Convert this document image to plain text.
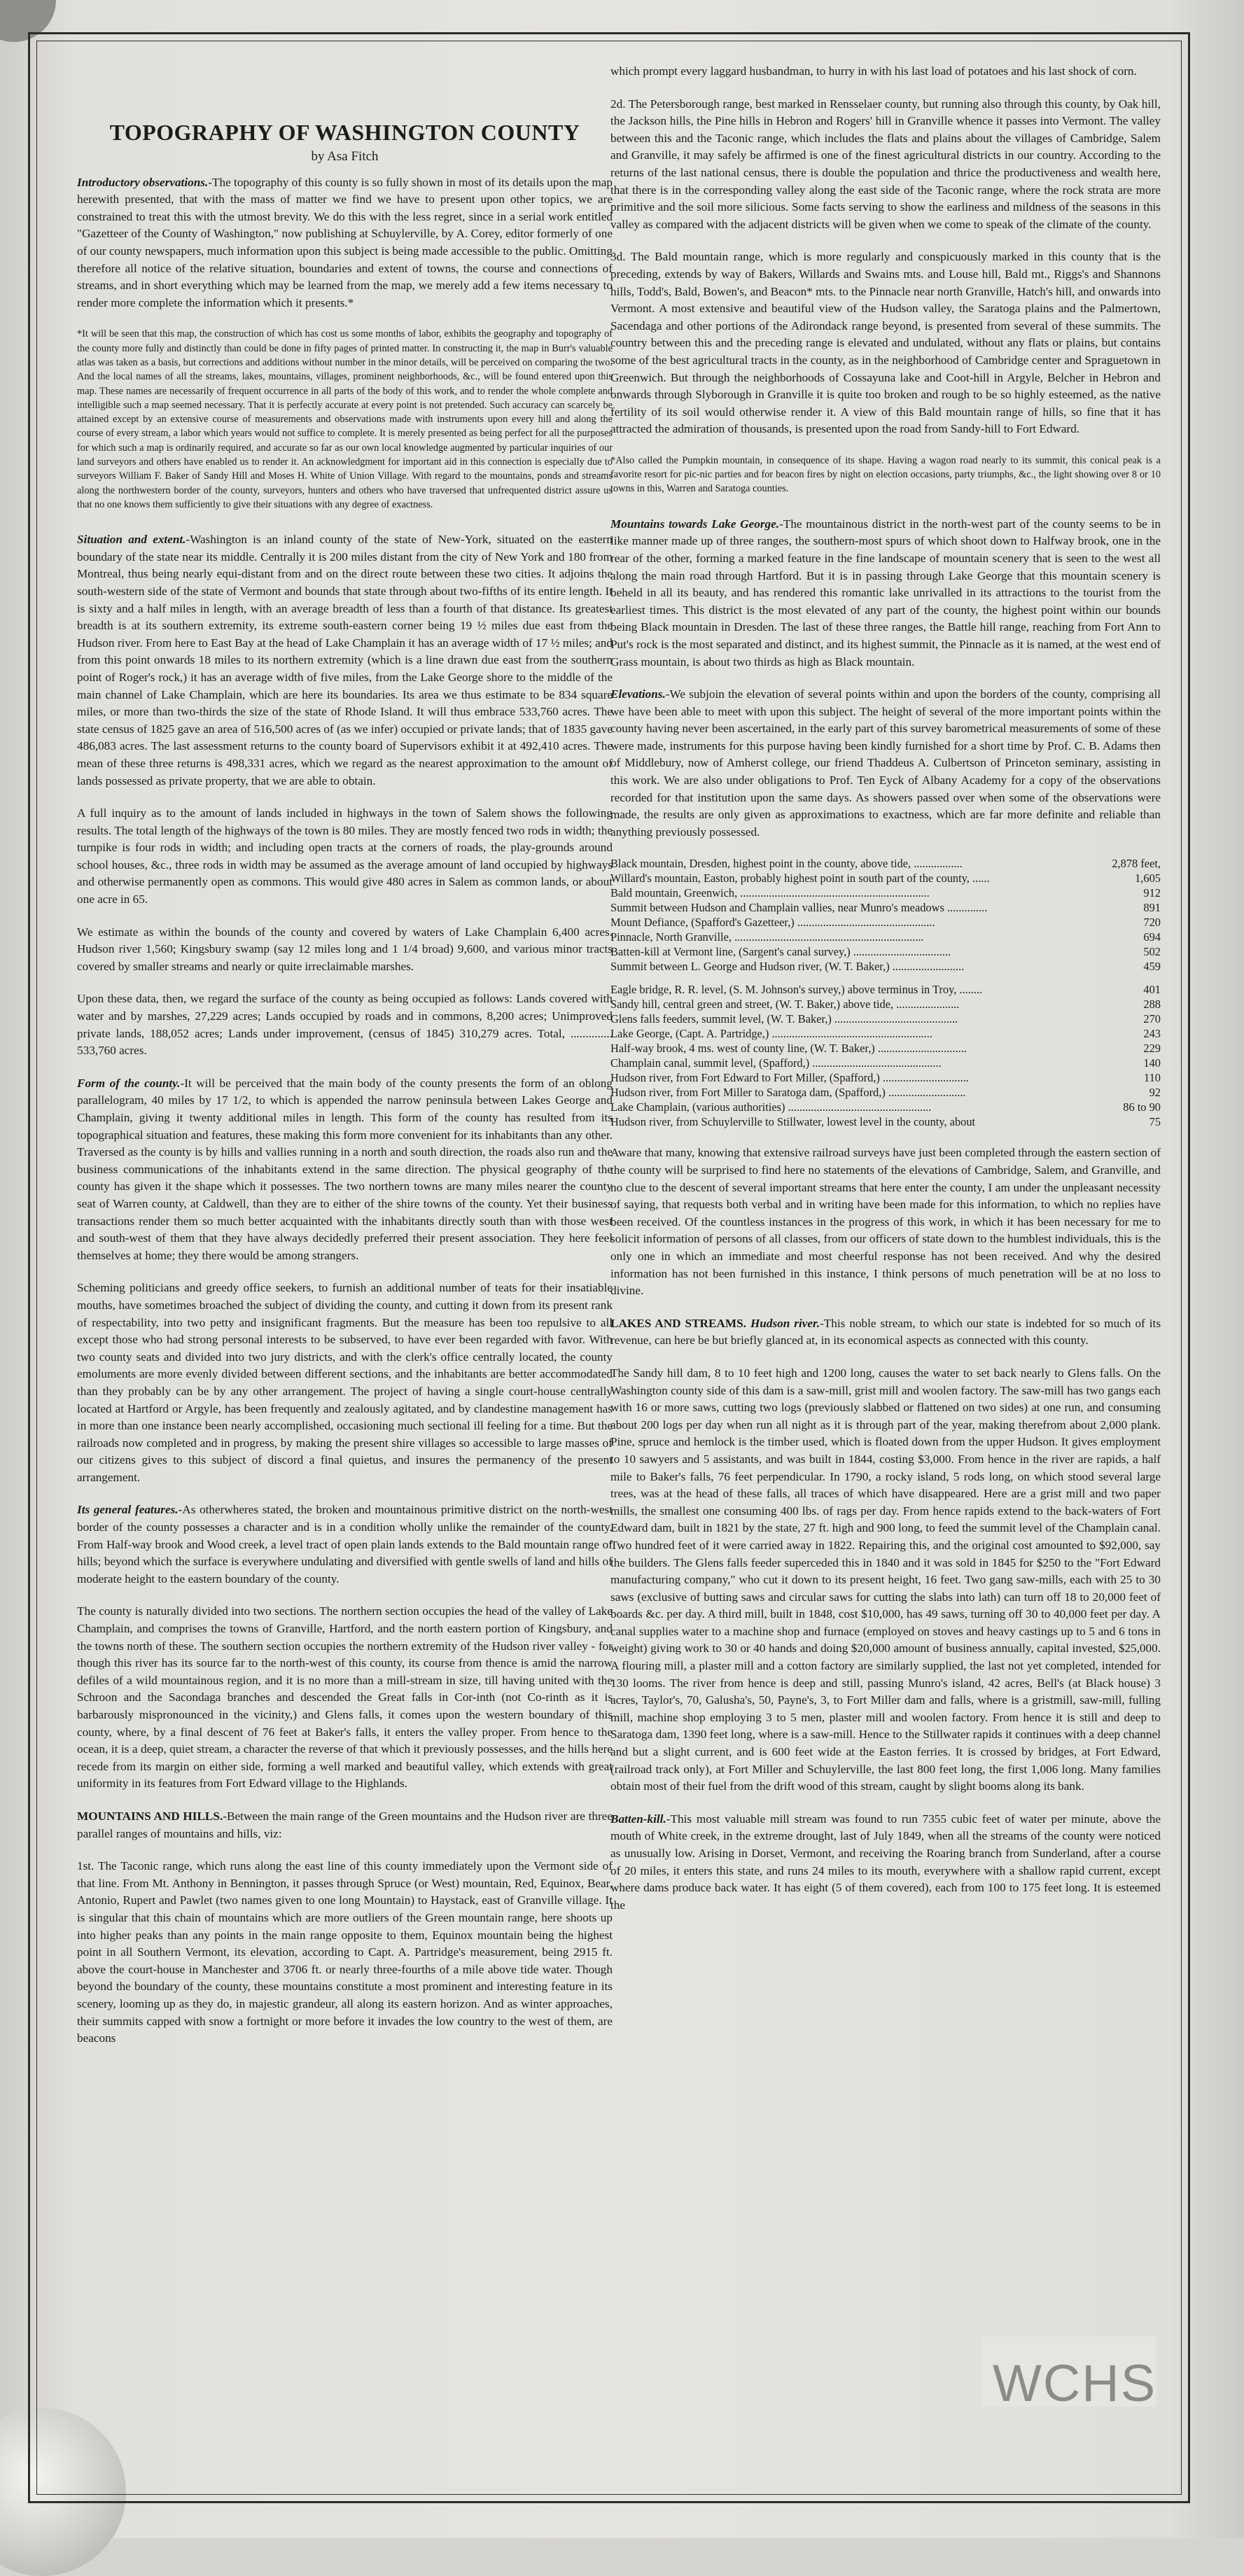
TOPOGRAPHY OF WASHINGTON COUNTY
by Asa Fitch

Introductory observations.-The topography of this county is so fully shown in most of its details upon the map herewith presented, that with the mass of matter we find we have to present upon other topics, we are constrained to treat this with the utmost brevity. We do this with the less regret, since in a serial work entitled "Gazetteer of the County of Washington," now publishing at Schuylerville, by A. Corey, editor formerly of one of our county newspapers, much information upon this subject is being made accessible to the public. Omitting therefore all notice of the relative situation, boundaries and extent of towns, the course and connections of streams, and in short everything which may be learned from the map, we merely add a few items necessary to render more complete the information which it presents.*

*It will be seen that this map, the construction of which has cost us some months of labor, exhibits the geography and topography of the county more fully and distinctly than could be done in fifty pages of printed matter. In constructing it, the map in Burr's valuable atlas was taken as a basis, but corrections and additions without number in the minor details, will be perceived on comparing the two. And the local names of all the streams, lakes, mountains, villages, prominent neighborhoods, &c., will be found entered upon this map. These names are necessarily of frequent occurrence in all parts of the body of this work, and to render the whole complete and intelligible such a map seemed necessary. That it is perfectly accurate at every point is not pretended. Such accuracy can scarcely be attained except by an extensive course of measurements and observations made with instruments upon every hill and along the course of every stream, a labor which years would not suffice to complete. It is merely presented as being perfect for all the purposes for which such a map is ordinarily required, and accurate so far as our own local knowledge augmented by particular inquiries of our land surveyors and others have enabled us to render it. An acknowledgment for important aid in this connection is especially due to surveyors William F. Baker of Sandy Hill and Moses H. White of Union Village. With regard to the mountains, ponds and streams along the northwestern border of the county, surveyors, hunters and others who have traversed that unfrequented district assure us that no one knows them sufficiently to give their situations with any degree of exactness.

Situation and extent.-Washington is an inland county of the state of New-York, situated on the eastern boundary of the state near its middle. Centrally it is 200 miles distant from the city of New York and 180 from Montreal, thus being nearly equi-distant from and on the direct route between these two cities. It adjoins the south-western side of the state of Vermont and bounds that state through about two-fifths of its entire length. It is sixty and a half miles in length, with an average breadth of less than a fourth of that distance. Its greatest breadth is at its southern extremity, its extreme south-eastern corner being 19 ½ miles due east from the Hudson river. From here to East Bay at the head of Lake Champlain it has an average width of 17 ½ miles; and from this point onwards 18 miles to its northern extremity (which is a line drawn due east from the southern point of Roger's rock,) it has an average width of five miles, from the Lake George shore to the middle of the main channel of Lake Champlain, which are here its boundaries. Its area we thus estimate to be 834 square miles, or more than two-thirds the size of the state of Rhode Island. It will thus embrace 533,760 acres. The state census of 1825 gave an area of 516,500 acres of (as we infer) occupied or private lands; that of 1835 gave 486,083 acres. The last assessment returns to the county board of Supervisors exhibit it at 492,410 acres. The mean of these three returns is 498,331 acres, which we regard as the nearest approximation to the amount of lands possessed as private property, that we are able to obtain.

A full inquiry as to the amount of lands included in highways in the town of Salem shows the following results. The total length of the highways of the town is 80 miles. They are mostly fenced two rods in width; the turnpike is four rods in width; and including open tracts at the corners of roads, the play-grounds around school houses, &c., three rods in width may be assumed as the average amount of land occupied by highways and otherwise permanently open as commons. This would give 480 acres in Salem as common lands, or about one acre in 65.

We estimate as within the bounds of the county and covered by waters of Lake Champlain 6,400 acres. Hudson river 1,560; Kingsbury swamp (say 12 miles long and 1 1/4 broad) 9,600, and various minor tracts covered by smaller streams and nearly or quite irreclaimable marshes.

Upon these data, then, we regard the surface of the county as being occupied as follows: Lands covered with water and by marshes, 27,229 acres; Lands occupied by roads and in commons, 8,200 acres; Unimproved private lands, 188,052 acres; Lands under improvement, (census of 1845) 310,279 acres. Total, .............. 533,760 acres.

Form of the county.-It will be perceived that the main body of the county presents the form of an oblong parallelogram, 40 miles by 17 1/2, to which is appended the narrow peninsula between Lakes George and Champlain, giving it twenty additional miles in length. This form of the county has resulted from its topographical situation and features, these making this form more convenient for its inhabitants than any other. Traversed as the county is by hills and vallies running in a north and south direction, the roads also run and the business communications of the inhabitants extend in the same direction. The physical geography of the county has given it the shape which it possesses. The two northern towns are many miles nearer the county seat of Warren county, at Caldwell, than they are to either of the shire towns of the county. Yet their business transactions render them so much better acquainted with the inhabitants directly south than with those west and south-west of them that they have always decidedly preferred their present association. They here feel themselves at home; they there would be among strangers.

Scheming politicians and greedy office seekers, to furnish an additional number of teats for their insatiable mouths, have sometimes broached the subject of dividing the county, and cutting it down from its present rank of respectability, into two petty and insignificant fragments. But the measure has been too repulsive to all except those who had strong personal interests to be subserved, to have ever been regarded with favor. With two county seats and divided into two jury districts, and with the clerk's office centrally located, the county emoluments are more evenly divided between different sections, and the inhabitants are better accommodated than they probably can be by any other arrangement. The project of having a single court-house centrally located at Hartford or Argyle, has been frequently and zealously agitated, and by clandestine management has in more than one instance been nearly accomplished, occasioning much sectional ill feeling for a time. But the railroads now completed and in progress, by making the present shire villages so accessible to large masses of our citizens gives to this subject of discord a final quietus, and insures the permanency of the present arrangement.

Its general features.-As otherwheres stated, the broken and mountainous primitive district on the north-west border of the county possesses a character and is in a condition wholly unlike the remainder of the county. From Half-way brook and Wood creek, a level tract of open plain lands extends to the Bald mountain range of hills; beyond which the surface is everywhere undulating and diversified with gentle swells of land and hills of moderate height to the eastern boundary of the county.

The county is naturally divided into two sections. The northern section occupies the head of the valley of Lake Champlain, and comprises the towns of Granville, Hartford, and the north eastern portion of Kingsbury, and the towns north of these. The southern section occupies the northern extremity of the Hudson river valley - for though this river has its source far to the north-west of this county, its course from thence is amid the narrow defiles of a wild mountainous region, and it is no more than a mill-stream in size, till having united with the Schroon and the Sacondaga branches and descended the Great falls in Cor-inth (not Co-rinth as it is barbarously mispronounced in the vicinity,) and Glens falls, it comes upon the western boundary of this county, where, by a final descent of 76 feet at Baker's falls, it enters the valley proper. From hence to the ocean, it is a deep, quiet stream, a character the reverse of that which it previously possesses, and the hills here recede from its margin on either side, forming a well marked and beautiful valley, which extends with great uniformity in its features from Fort Edward village to the Highlands.

MOUNTAINS AND HILLS.-Between the main range of the Green mountains and the Hudson river are three parallel ranges of mountains and hills, viz:

1st. The Taconic range, which runs along the east line of this county immediately upon the Vermont side of that line. From Mt. Anthony in Bennington, it passes through Spruce (or West) mountain, Red, Equinox, Bear, Antonio, Rupert and Pawlet (two names given to one long Mountain) to Haystack, east of Granville village. It is singular that this chain of mountains which are more outliers of the Green mountain range, here shoots up into higher peaks than any points in the main range opposite to them, Equinox mountain being the highest point in all Southern Vermont, its elevation, according to Capt. A. Partridge's measurement, being 2915 ft. above the court-house in Manchester and 3706 ft. or nearly three-fourths of a mile above tide water. Though beyond the boundary of the county, these mountains constitute a most prominent and interesting feature in its scenery, looming up as they do, in majestic grandeur, all along its eastern horizon. And as winter approaches, their summits capped with snow a fortnight or more before it invades the low country to the west of them, are beacons

which prompt every laggard husbandman, to hurry in with his last load of potatoes and his last shock of corn.

2d. The Petersborough range, best marked in Rensselaer county, but running also through this county, by Oak hill, the Jackson hills, the Pine hills in Hebron and Rogers' hill in Granville whence it passes into Vermont. The valley between this and the Taconic range, which includes the flats and plains about the villages of Cambridge, Salem and Granville, it may safely be affirmed is one of the finest agricultural districts in our country. According to the returns of the last national census, there is double the population and thrice the productiveness and wealth here, that there is in the corresponding valley along the east side of the Taconic range, where the rock strata are more primitive and the soil more silicious. Some facts serving to show the earliness and mildness of the seasons in this valley as compared with the adjacent districts will be given when we come to speak of the climate of the county.

3d. The Bald mountain range, which is more regularly and conspicuously marked in this county that is the preceding, extends by way of Bakers, Willards and Swains mts. and Louse hill, Bald mt., Riggs's and Shannons hills, Todd's, Bald, Bowen's, and Beacon* mts. to the Pinnacle near north Granville, Hatch's hill, and onwards into Vermont. A most extensive and beautiful view of the Hudson valley, the Saratoga plains and the Palmertown, Sacendaga and other portions of the Adirondack range beyond, is presented from several of these summits. The country between this and the preceding range is elevated and undulated, without any flats or plains, but contains some of the best agricultural tracts in the county, as in the neighborhood of Cambridge center and Spraguetown in Greenwich. But through the neighborhoods of Cossayuna lake and Coot-hill in Argyle, Belcher in Hebron and onwards through Slyborough in Granville it is quite too broken and rough to be so highly esteemed, as the native fertility of its soil would otherwise render it. A view of this Bald mountain range of hills, so fine that it has attracted the admiration of thousands, is presented upon the road from Sandy-hill to Fort Edward.

*Also called the Pumpkin mountain, in consequence of its shape. Having a wagon road nearly to its summit, this conical peak is a favorite resort for pic-nic parties and for beacon fires by night on election occasions, party triumphs, &c., the light showing over 8 or 10 towns in this, Warren and Saratoga counties.

Mountains towards Lake George.-The mountainous district in the north-west part of the county seems to be in like manner made up of three ranges, the southern-most spurs of which shoot down to Halfway brook, one in the rear of the other, forming a marked feature in the fine landscape of mountain scenery that is seen to the west all along the main road through Hartford. But it is in passing through Lake George that this mountain scenery is beheld in all its beauty, and has rendered this romantic lake unrivalled in its attractions to the tourist from the earliest times. This district is the most elevated of any part of the county, the highest point within our bounds being Black mountain in Dresden. The last of these three ranges, the Battle hill range, reaching from Fort Ann to Put's rock is the most separated and distinct, and its highest summit, the Pinnacle as it is named, at the west end of Grass mountain, is about two thirds as high as Black mountain.

Elevations.-We subjoin the elevation of several points within and upon the borders of the county, comprising all we have been able to meet with upon this subject. The height of several of the more important points within the county having never been ascertained, in the early part of this survey barometrical measurements of some of these were made, instruments for this purpose having been kindly furnished for a short time by Prof. C. B. Adams then of Middlebury, now of Amherst college, our friend Thaddeus A. Culbertson of Princeton seminary, assisting in this work. We are also under obligations to Prof. Ten Eyck of Albany Academy for a copy of the observations recorded for that institution upon the same days. As showers passed over when some of the observations were made, the results are only given as approximations to exactness, which are far more definite and reliable than anything previously possessed.

Black mountain, Dresden, highest point in the county, above tide, .................	2,878 feet,
Willard's mountain, Easton, probably highest point in south part of the county, ......	1,605
Bald mountain, Greenwich, ..................................................................	912
Summit between Hudson and Champlain vallies, near Munro's meadows ..............	891
Mount Defiance, (Spafford's Gazetteer,) ................................................	720
Pinnacle, North Granville, ..................................................................	694
Batten-kill at Vermont line, (Sargent's canal survey,) ..................................	502
Summit between L. George and Hudson river, (W. T. Baker,) .........................	459

Eagle bridge, R. R. level, (S. M. Johnson's survey,) above terminus in Troy, ........	401
Sandy hill, central green and street, (W. T. Baker,) above tide, ......................	288
Glens falls feeders, summit level, (W. T. Baker,) ...........................................	270
Lake George, (Capt. A. Partridge,) ........................................................	243
Half-way brook, 4 ms. west of county line, (W. T. Baker,) ...............................	229
Champlain canal, summit level, (Spafford,) .............................................	140
Hudson river, from Fort Edward to Fort Miller, (Spafford,) ..............................	110
Hudson river, from Fort Miller to Saratoga dam, (Spafford,) ...........................	92
Lake Champlain, (various authorities) ..................................................	86 to 90
Hudson river, from Schuylerville to Stillwater, lowest level in the county, about	75

Aware that many, knowing that extensive railroad surveys have just been completed through the eastern section of the county will be surprised to find here no statements of the elevations of Cambridge, Salem, and Granville, and no clue to the descent of several important streams that here enter the county, I am under the unpleasant necessity of saying, that requests both verbal and in writing have been made for this information, to which no replies have been received. Of the countless instances in the progress of this work, in which it has been necessary for me to solicit information of persons of all classes, from our officers of state down to the humblest individuals, this is the only one in which an immediate and most cheerful response has not been received. And why the desired information has not been furnished in this instance, I think persons of much penetration will be at no loss to divine.

LAKES AND STREAMS. Hudson river.-This noble stream, to which our state is indebted for so much of its revenue, can here be but briefly glanced at, in its economical aspects as connected with this county.

The Sandy hill dam, 8 to 10 feet high and 1200 long, causes the water to set back nearly to Glens falls. On the Washington county side of this dam is a saw-mill, grist mill and woolen factory. The saw-mill has two gangs each with 16 or more saws, cutting two logs (previously slabbed or flattened on two sides) at one run, and consuming about 200 logs per day when run all night as it is through part of the year, making therefrom about 2,000 plank. Pine, spruce and hemlock is the timber used, which is floated down from the upper Hudson. It gives employment to 10 sawyers and 5 assistants, and was built in 1844, costing $3,000. From hence in the river are rapids, a half mile to Baker's falls, 76 feet perpendicular. In 1790, a rocky island, 5 rods long, on which stood several large trees, was at the head of these falls, all traces of which have disappeared. Here are a grist mill and two paper mills, the smallest one consuming 400 lbs. of rags per day. From hence rapids extend to the back-waters of Fort Edward dam, built in 1821 by the state, 27 ft. high and 900 long, to feed the summit level of the Champlain canal. Two hundred feet of it were carried away in 1822. Repairing this, and the original cost amounted to $92,000, say the builders. The Glens falls feeder superceded this in 1840 and it was sold in 1845 for $250 to the "Fort Edward manufacturing company," who cut it down to its present height, 16 feet. Two gang saw-mills, each with 25 to 30 saws (exclusive of butting saws and circular saws for cutting the slabs into lath) can turn off 18 to 20,000 feet of boards &c. per day. A third mill, built in 1848, cost $10,000, has 49 saws, turning off 30 to 40,000 feet per day. A canal supplies water to a machine shop and furnace (employed on stoves and heavy castings up to 5 and 6 tons in weight) giving work to 30 or 40 hands and doing $20,000 amount of business annually, capital invested, $25,000. A flouring mill, a plaster mill and a cotton factory are similarly supplied, the last not yet completed, intended for 130 looms. The river from hence is deep and still, passing Munro's island, 42 acres, Bell's (at Black house) 3 acres, Taylor's, 70, Galusha's, 50, Payne's, 3, to Fort Miller dam and falls, where is a gristmill, saw-mill, fulling mill, machine shop employing 3 to 5 men, plaster mill and woolen factory. From hence it is still and deep to Saratoga dam, 1390 feet long, where is a saw-mill. Hence to the Stillwater rapids it continues with a deep channel and but a slight current, and is 600 feet wide at the Easton ferries. It is crossed by bridges, at Fort Edward, (railroad track only), at Fort Miller and Schuylerville, the last 800 feet long, the first 1,006 long. Many families obtain most of their fuel from the drift wood of this stream, caught by slight booms along its bank.

Batten-kill.-This most valuable mill stream was found to run 7355 cubic feet of water per minute, above the mouth of White creek, in the extreme drought, last of July 1849, when all the streams of the county were noticed as unusually low. Arising in Dorset, Vermont, and receiving the Roaring branch from Sunderland, after a course of 20 miles, it enters this state, and runs 24 miles to its mouth, everywhere with a shallow rapid current, except where dams produce back water. It has eight (5 of them covered), each from 100 to 175 feet long. It is esteemed the

WCHS
